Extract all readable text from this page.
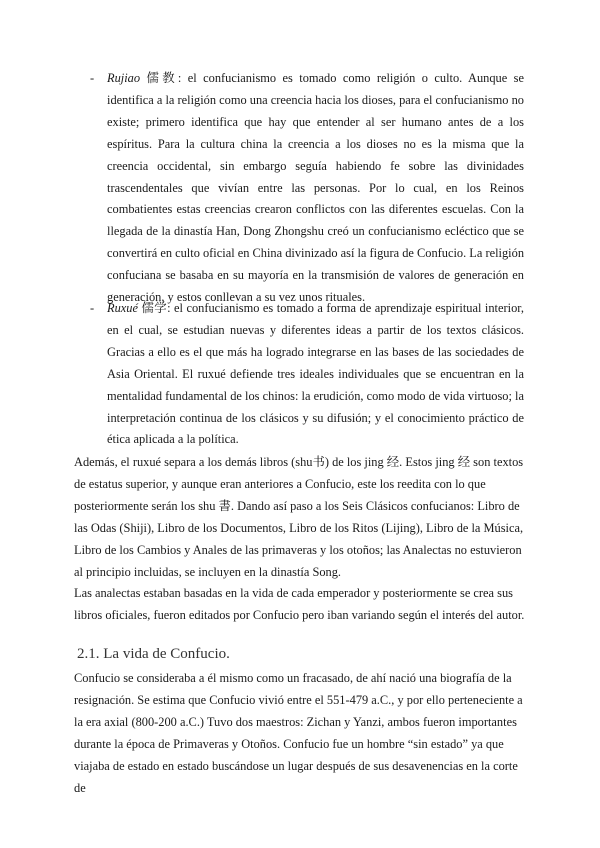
- Rujiao 儒教: el confucianismo es tomado como religión o culto. Aunque se identifica a la religión como una creencia hacia los dioses, para el confucianismo no existe; primero identifica que hay que entender al ser humano antes de a los espíritus. Para la cultura china la creencia a los dioses no es la misma que la creencia occidental, sin embargo seguía habiendo fe sobre las divinidades trascendentales que vivían entre las personas. Por lo cual, en los Reinos combatientes estas creencias crearon conflictos con las diferentes escuelas. Con la llegada de la dinastía Han, Dong Zhongshu creó un confucianismo ecléctico que se convertirá en culto oficial en China divinizado así la figura de Confucio. La religión confuciana se basaba en su mayoría en la transmisión de valores de generación en generación, y estos conllevan a su vez unos rituales.
- Ruxué 儒学: el confucianismo es tomado a forma de aprendizaje espiritual interior, en el cual, se estudian nuevas y diferentes ideas a partir de los textos clásicos. Gracias a ello es el que más ha logrado integrarse en las bases de las sociedades de Asia Oriental. El ruxué defiende tres ideales individuales que se encuentran en la mentalidad fundamental de los chinos: la erudición, como modo de vida virtuoso; la interpretación continua de los clásicos y su difusión; y el conocimiento práctico de ética aplicada a la política.
Además, el ruxué separa a los demás libros (shu书) de los jing 经. Estos jing 经 son textos de estatus superior, y aunque eran anteriores a Confucio, este los reedita con lo que posteriormente serán los shu 書. Dando así paso a los Seis Clásicos confucianos: Libro de las Odas (Shiji), Libro de los Documentos, Libro de los Ritos (Lijing), Libro de la Música, Libro de los Cambios y Anales de las primaveras y los otoños; las Analectas no estuvieron al principio incluidas, se incluyen en la dinastía Song.
Las analectas estaban basadas en la vida de cada emperador y posteriormente se crea sus libros oficiales, fueron editados por Confucio pero iban variando según el interés del autor.
2.1. La vida de Confucio.
Confucio se consideraba a él mismo como un fracasado, de ahí nació una biografía de la resignación. Se estima que Confucio vivió entre el 551-479 a.C., y por ello perteneciente a la era axial (800-200 a.C.) Tuvo dos maestros: Zichan y Yanzi, ambos fueron importantes durante la época de Primaveras y Otoños. Confucio fue un hombre “sin estado” ya que viajaba de estado en estado buscándose un lugar después de sus desavenencias en la corte de
